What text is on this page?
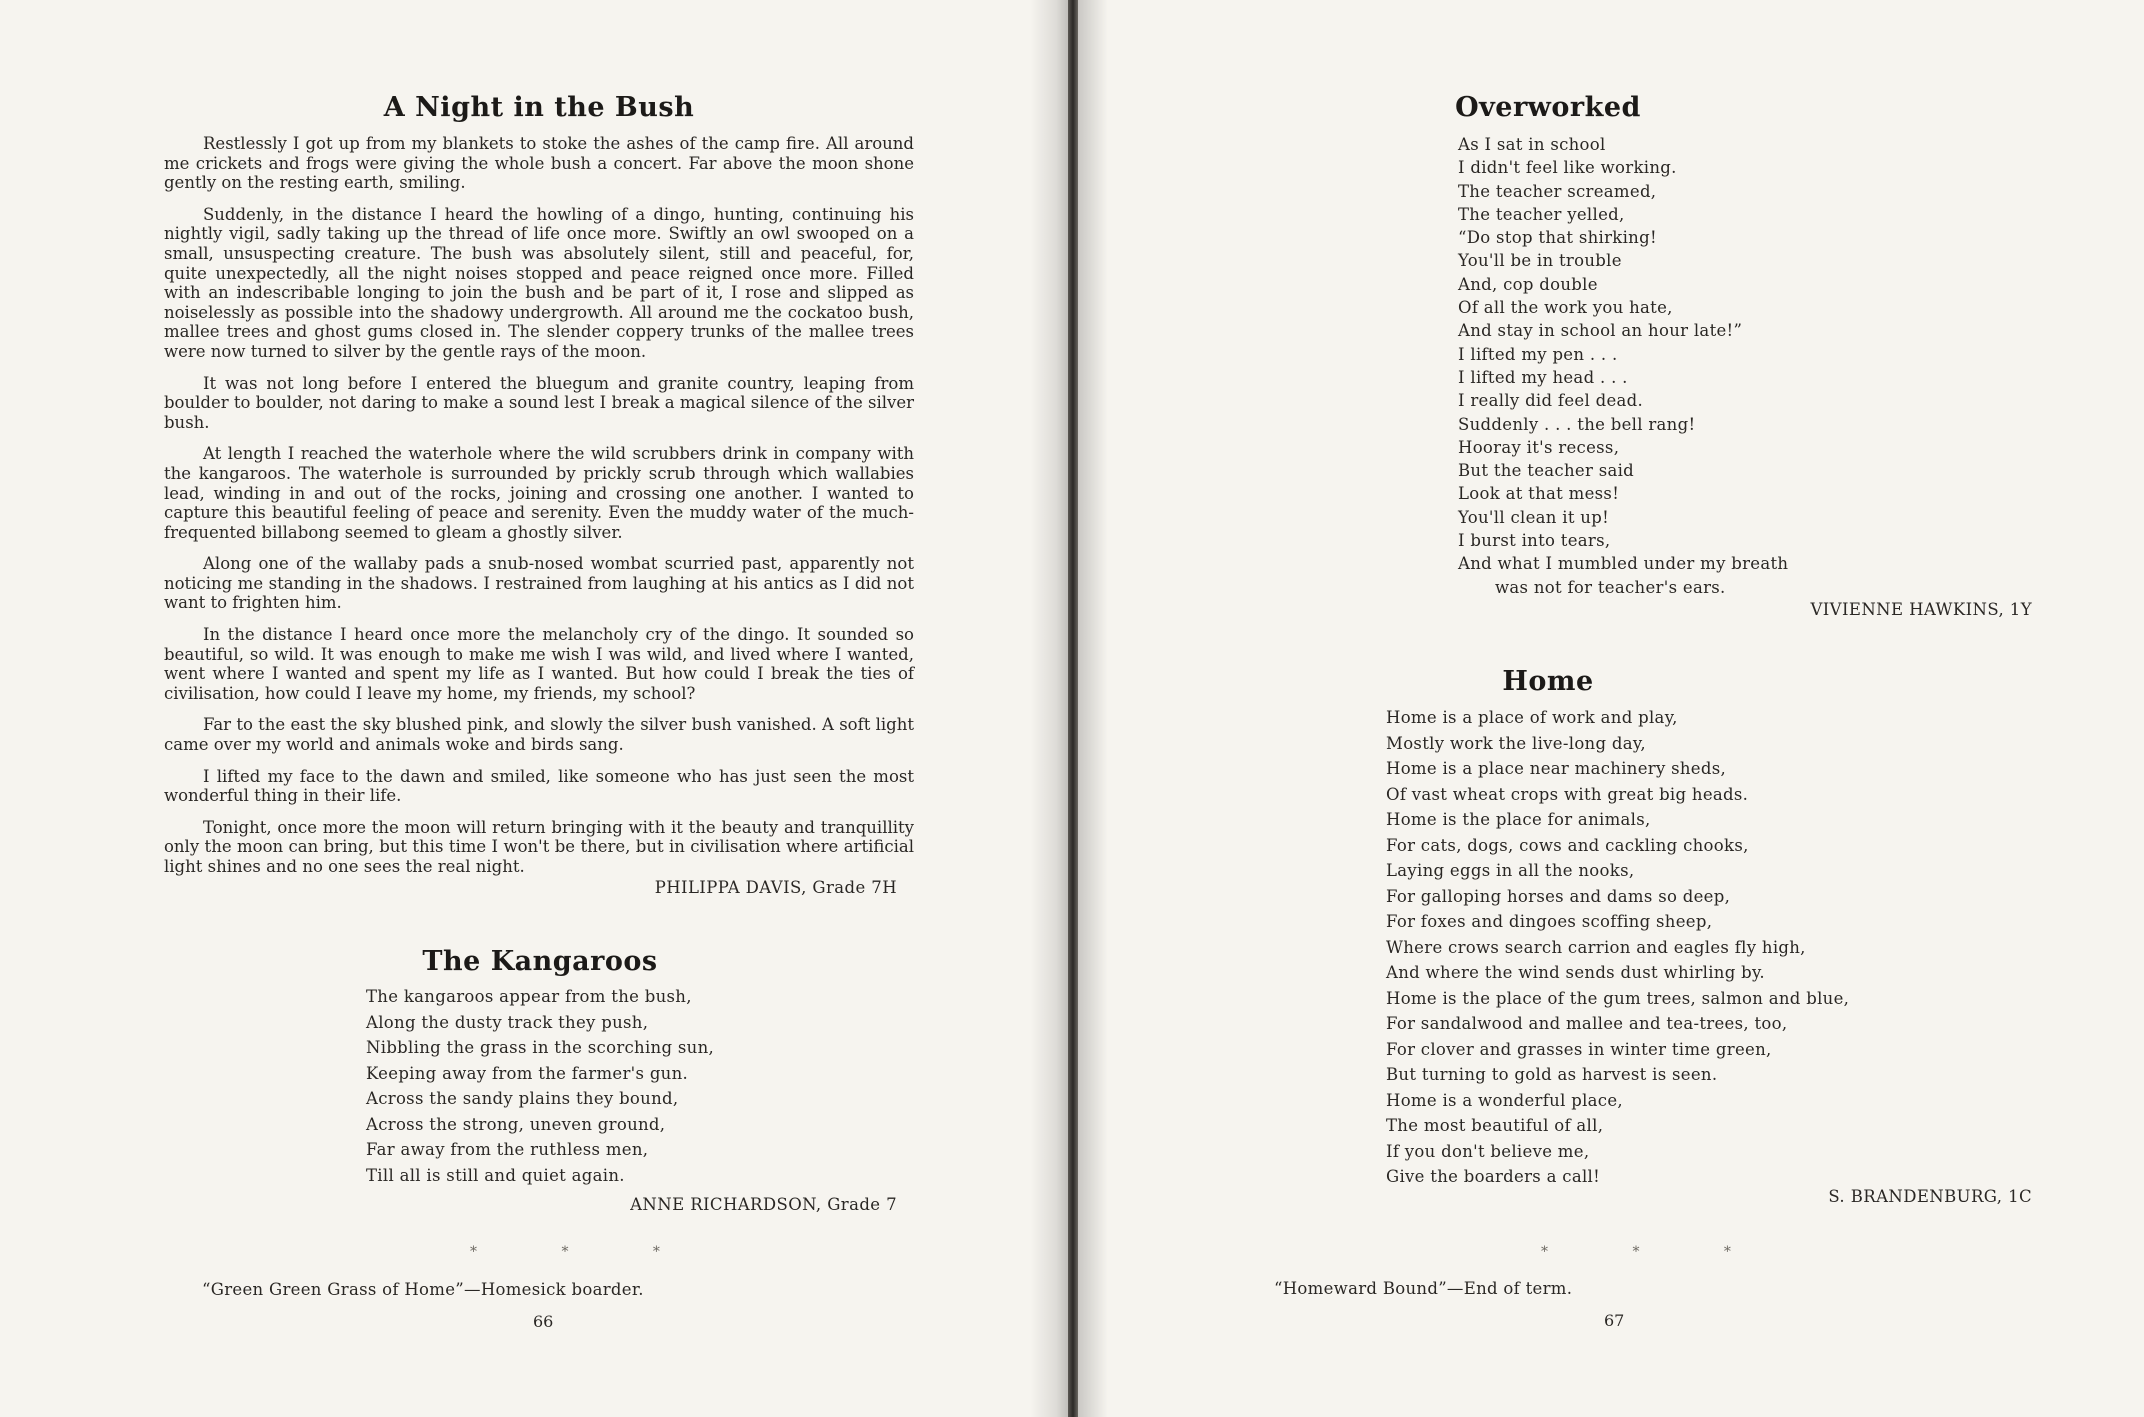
A Night in the Bush

Restlessly I got up from my blankets to stoke the ashes of the camp fire. All around me crickets and frogs were giving the whole bush a concert. Far above the moon shone gently on the resting earth, smiling.

Suddenly, in the distance I heard the howling of a dingo, hunting, continuing his nightly vigil, sadly taking up the thread of life once more. Swiftly an owl swooped on a small, unsuspecting creature. The bush was absolutely silent, still and peaceful, for, quite unexpectedly, all the night noises stopped and peace reigned once more. Filled with an indescribable longing to join the bush and be part of it, I rose and slipped as noiselessly as possible into the shadowy undergrowth. All around me the cockatoo bush, mallee trees and ghost gums closed in. The slender coppery trunks of the mallee trees were now turned to silver by the gentle rays of the moon.

It was not long before I entered the bluegum and granite country, leaping from boulder to boulder, not daring to make a sound lest I break a magical silence of the silver bush.

At length I reached the waterhole where the wild scrubbers drink in company with the kangaroos. The waterhole is surrounded by prickly scrub through which wallabies lead, winding in and out of the rocks, joining and crossing one another. I wanted to capture this beautiful feeling of peace and serenity. Even the muddy water of the much-frequented billabong seemed to gleam a ghostly silver.

Along one of the wallaby pads a snub-nosed wombat scurried past, apparently not noticing me standing in the shadows. I restrained from laughing at his antics as I did not want to frighten him.

In the distance I heard once more the melancholy cry of the dingo. It sounded so beautiful, so wild. It was enough to make me wish I was wild, and lived where I wanted, went where I wanted and spent my life as I wanted. But how could I break the ties of civilisation, how could I leave my home, my friends, my school?

Far to the east the sky blushed pink, and slowly the silver bush vanished. A soft light came over my world and animals woke and birds sang.

I lifted my face to the dawn and smiled, like someone who has just seen the most wonderful thing in their life.

Tonight, once more the moon will return bringing with it the beauty and tranquillity only the moon can bring, but this time I won't be there, but in civilisation where artificial light shines and no one sees the real night.

PHILIPPA DAVIS, Grade 7H
The Kangaroos
The kangaroos appear from the bush,
Along the dusty track they push,
Nibbling the grass in the scorching sun,
Keeping away from the farmer's gun.
Across the sandy plains they bound,
Across the strong, uneven ground,
Far away from the ruthless men,
Till all is still and quiet again.
ANNE RICHARDSON, Grade 7
* * *
“Green Green Grass of Home”—Homesick boarder.
66
Overworked
As I sat in school
I didn't feel like working.
The teacher screamed,
The teacher yelled,
“Do stop that shirking!
You'll be in trouble
And, cop double
Of all the work you hate,
And stay in school an hour late!”
I lifted my pen . . .
I lifted my head . . .
I really did feel dead.
Suddenly . . . the bell rang!
Hooray it's recess,
But the teacher said
Look at that mess!
You'll clean it up!
I burst into tears,
And what I mumbled under my breath
was not for teacher's ears.
VIVIENNE HAWKINS, 1Y
Home
Home is a place of work and play,
Mostly work the live-long day,
Home is a place near machinery sheds,
Of vast wheat crops with great big heads.
Home is the place for animals,
For cats, dogs, cows and cackling chooks,
Laying eggs in all the nooks,
For galloping horses and dams so deep,
For foxes and dingoes scoffing sheep,
Where crows search carrion and eagles fly high,
And where the wind sends dust whirling by.
Home is the place of the gum trees, salmon and blue,
For sandalwood and mallee and tea-trees, too,
For clover and grasses in winter time green,
But turning to gold as harvest is seen.
Home is a wonderful place,
The most beautiful of all,
If you don't believe me,
Give the boarders a call!
S. BRANDENBURG, 1C
* * *
“Homeward Bound”—End of term.
67
